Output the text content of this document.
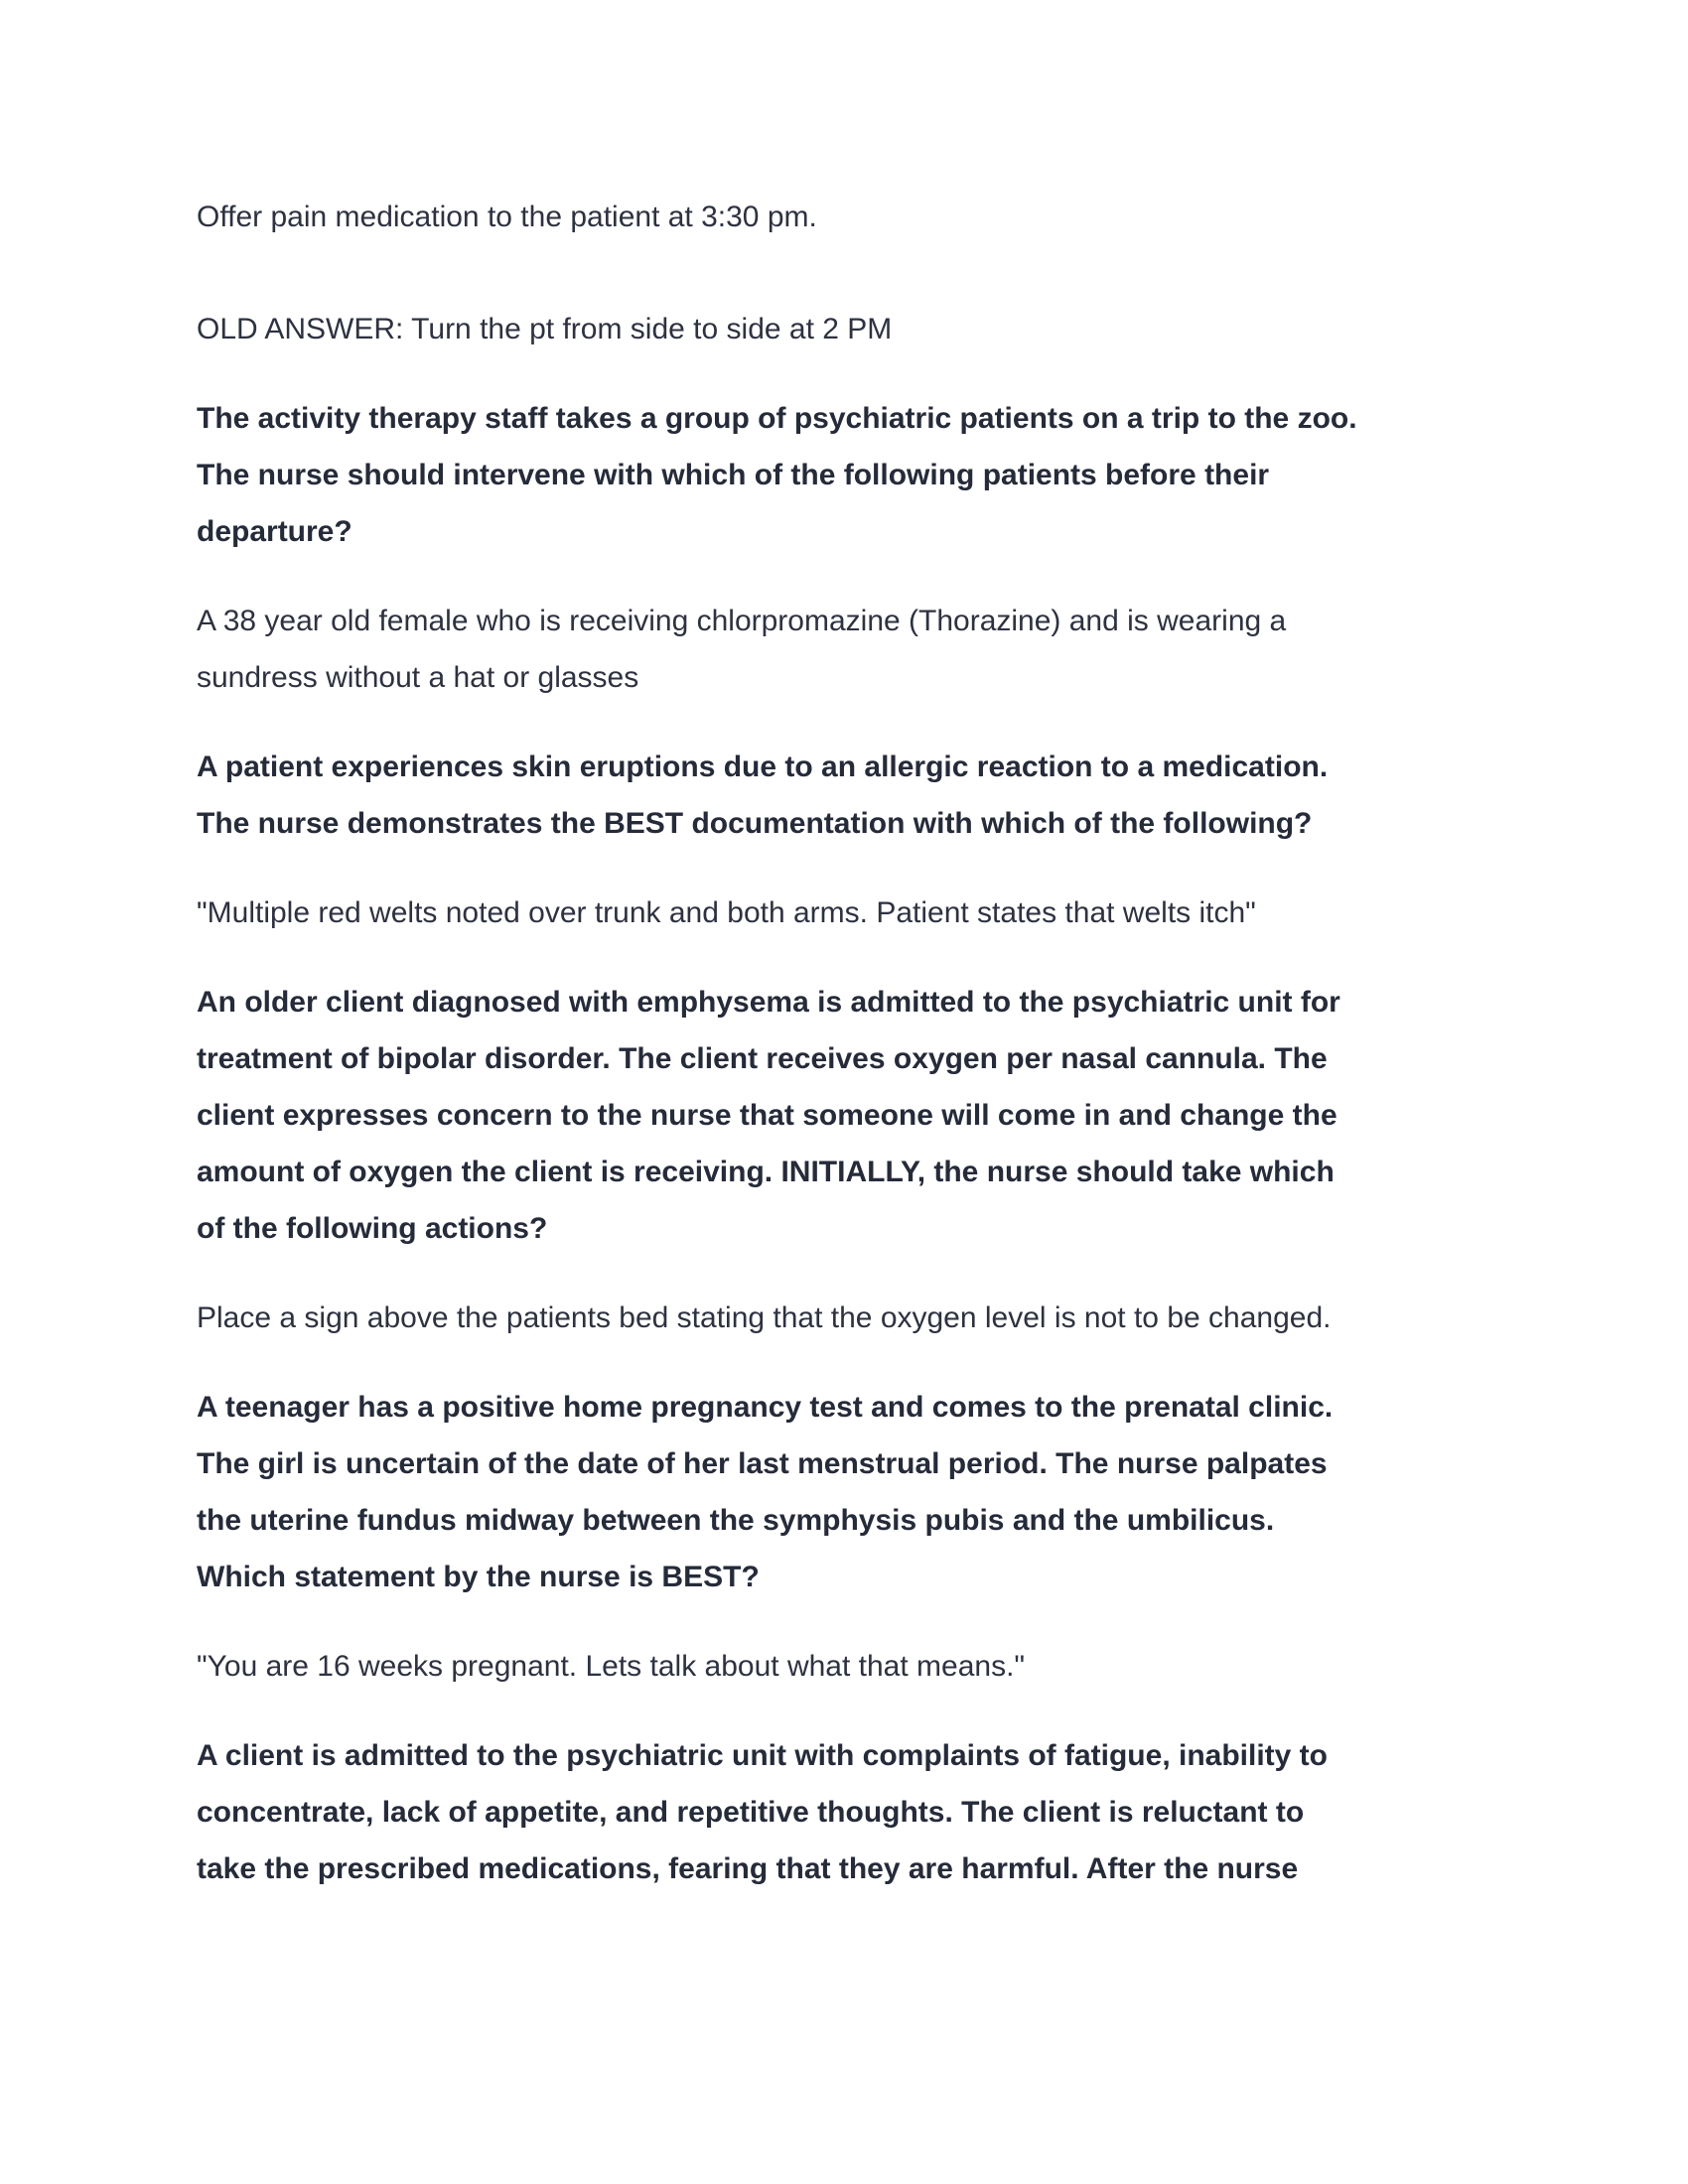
Offer pain medication to the patient at 3:30 pm.

OLD ANSWER: Turn the pt from side to side at 2 PM

The activity therapy staff takes a group of psychiatric patients on a trip to the zoo.
The nurse should intervene with which of the following patients before their
departure?

A 38 year old female who is receiving chlorpromazine (Thorazine) and is wearing a
sundress without a hat or glasses

A patient experiences skin eruptions due to an allergic reaction to a medication.
The nurse demonstrates the BEST documentation with which of the following?

"Multiple red welts noted over trunk and both arms. Patient states that welts itch"

An older client diagnosed with emphysema is admitted to the psychiatric unit for
treatment of bipolar disorder. The client receives oxygen per nasal cannula. The
client expresses concern to the nurse that someone will come in and change the
amount of oxygen the client is receiving. INITIALLY, the nurse should take which
of the following actions?

Place a sign above the patients bed stating that the oxygen level is not to be changed.

A teenager has a positive home pregnancy test and comes to the prenatal clinic.
The girl is uncertain of the date of her last menstrual period. The nurse palpates
the uterine fundus midway between the symphysis pubis and the umbilicus.
Which statement by the nurse is BEST?

"You are 16 weeks pregnant. Lets talk about what that means."

A client is admitted to the psychiatric unit with complaints of fatigue, inability to
concentrate, lack of appetite, and repetitive thoughts. The client is reluctant to
take the prescribed medications, fearing that they are harmful. After the nurse
